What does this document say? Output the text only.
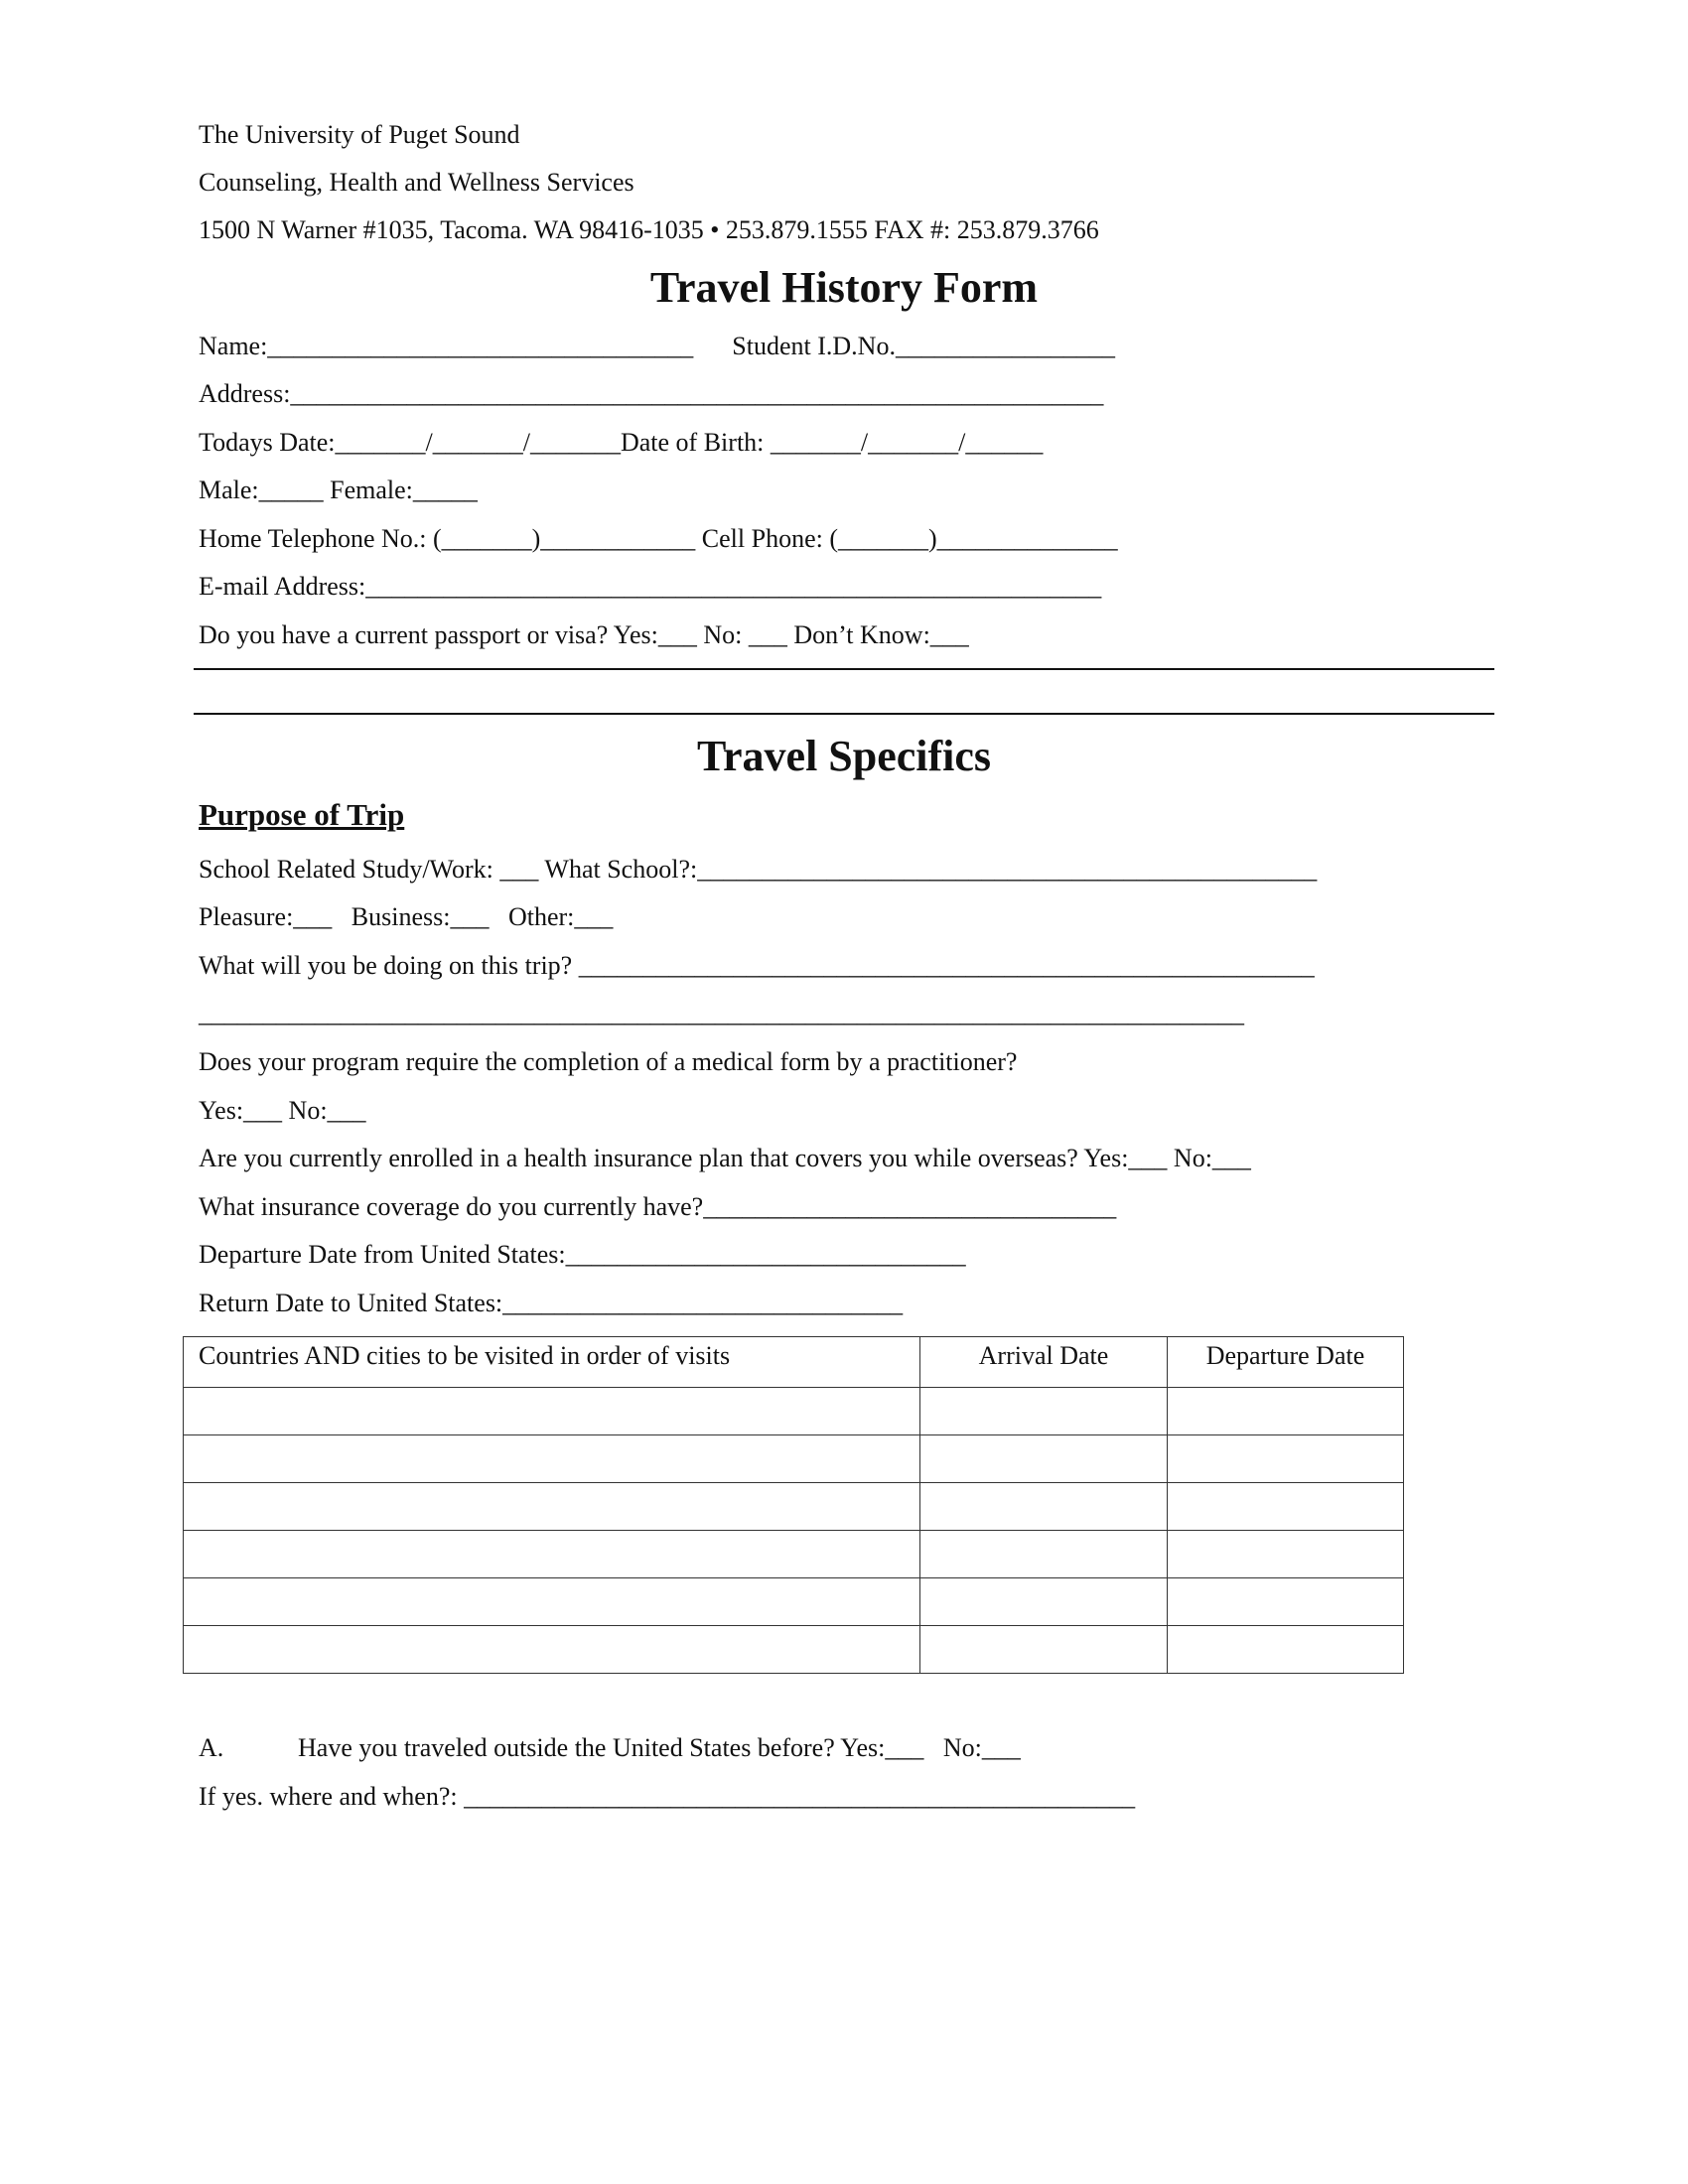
The University of Puget Sound
Counseling, Health and Wellness Services
1500 N Warner #1035, Tacoma. WA 98416-1035 • 253.879.1555 FAX #: 253.879.3766
Travel History Form
Name:_________________________________      Student I.D.No._________________
Address:_______________________________________________________________
Todays Date:_______/_______/_______Date of Birth: _______/_______/______
Male:_____ Female:_____
Home Telephone No.: (_______)____________ Cell Phone: (_______)______________
E-mail Address:_________________________________________________________
Do you have a current passport or visa? Yes:___ No: ___ Don’t Know:___
Travel Specifics
Purpose of Trip
School Related Study/Work: ___ What School?:________________________________________________
Pleasure:___   Business:___   Other:___
What will you be doing on this trip? _________________________________________________________
_________________________________________________________________________________
Does your program require the completion of a medical form by a practitioner?
Yes:___ No:___
Are you currently enrolled in a health insurance plan that covers you while overseas? Yes:___ No:___
What insurance coverage do you currently have?________________________________
Departure Date from United States:_______________________________
Return Date to United States:_______________________________
Countries AND cities to be visited in order of visits	Arrival Date	Departure Date

A.	Have you traveled outside the United States before? Yes:___   No:___
If yes. where and when?: ____________________________________________________
